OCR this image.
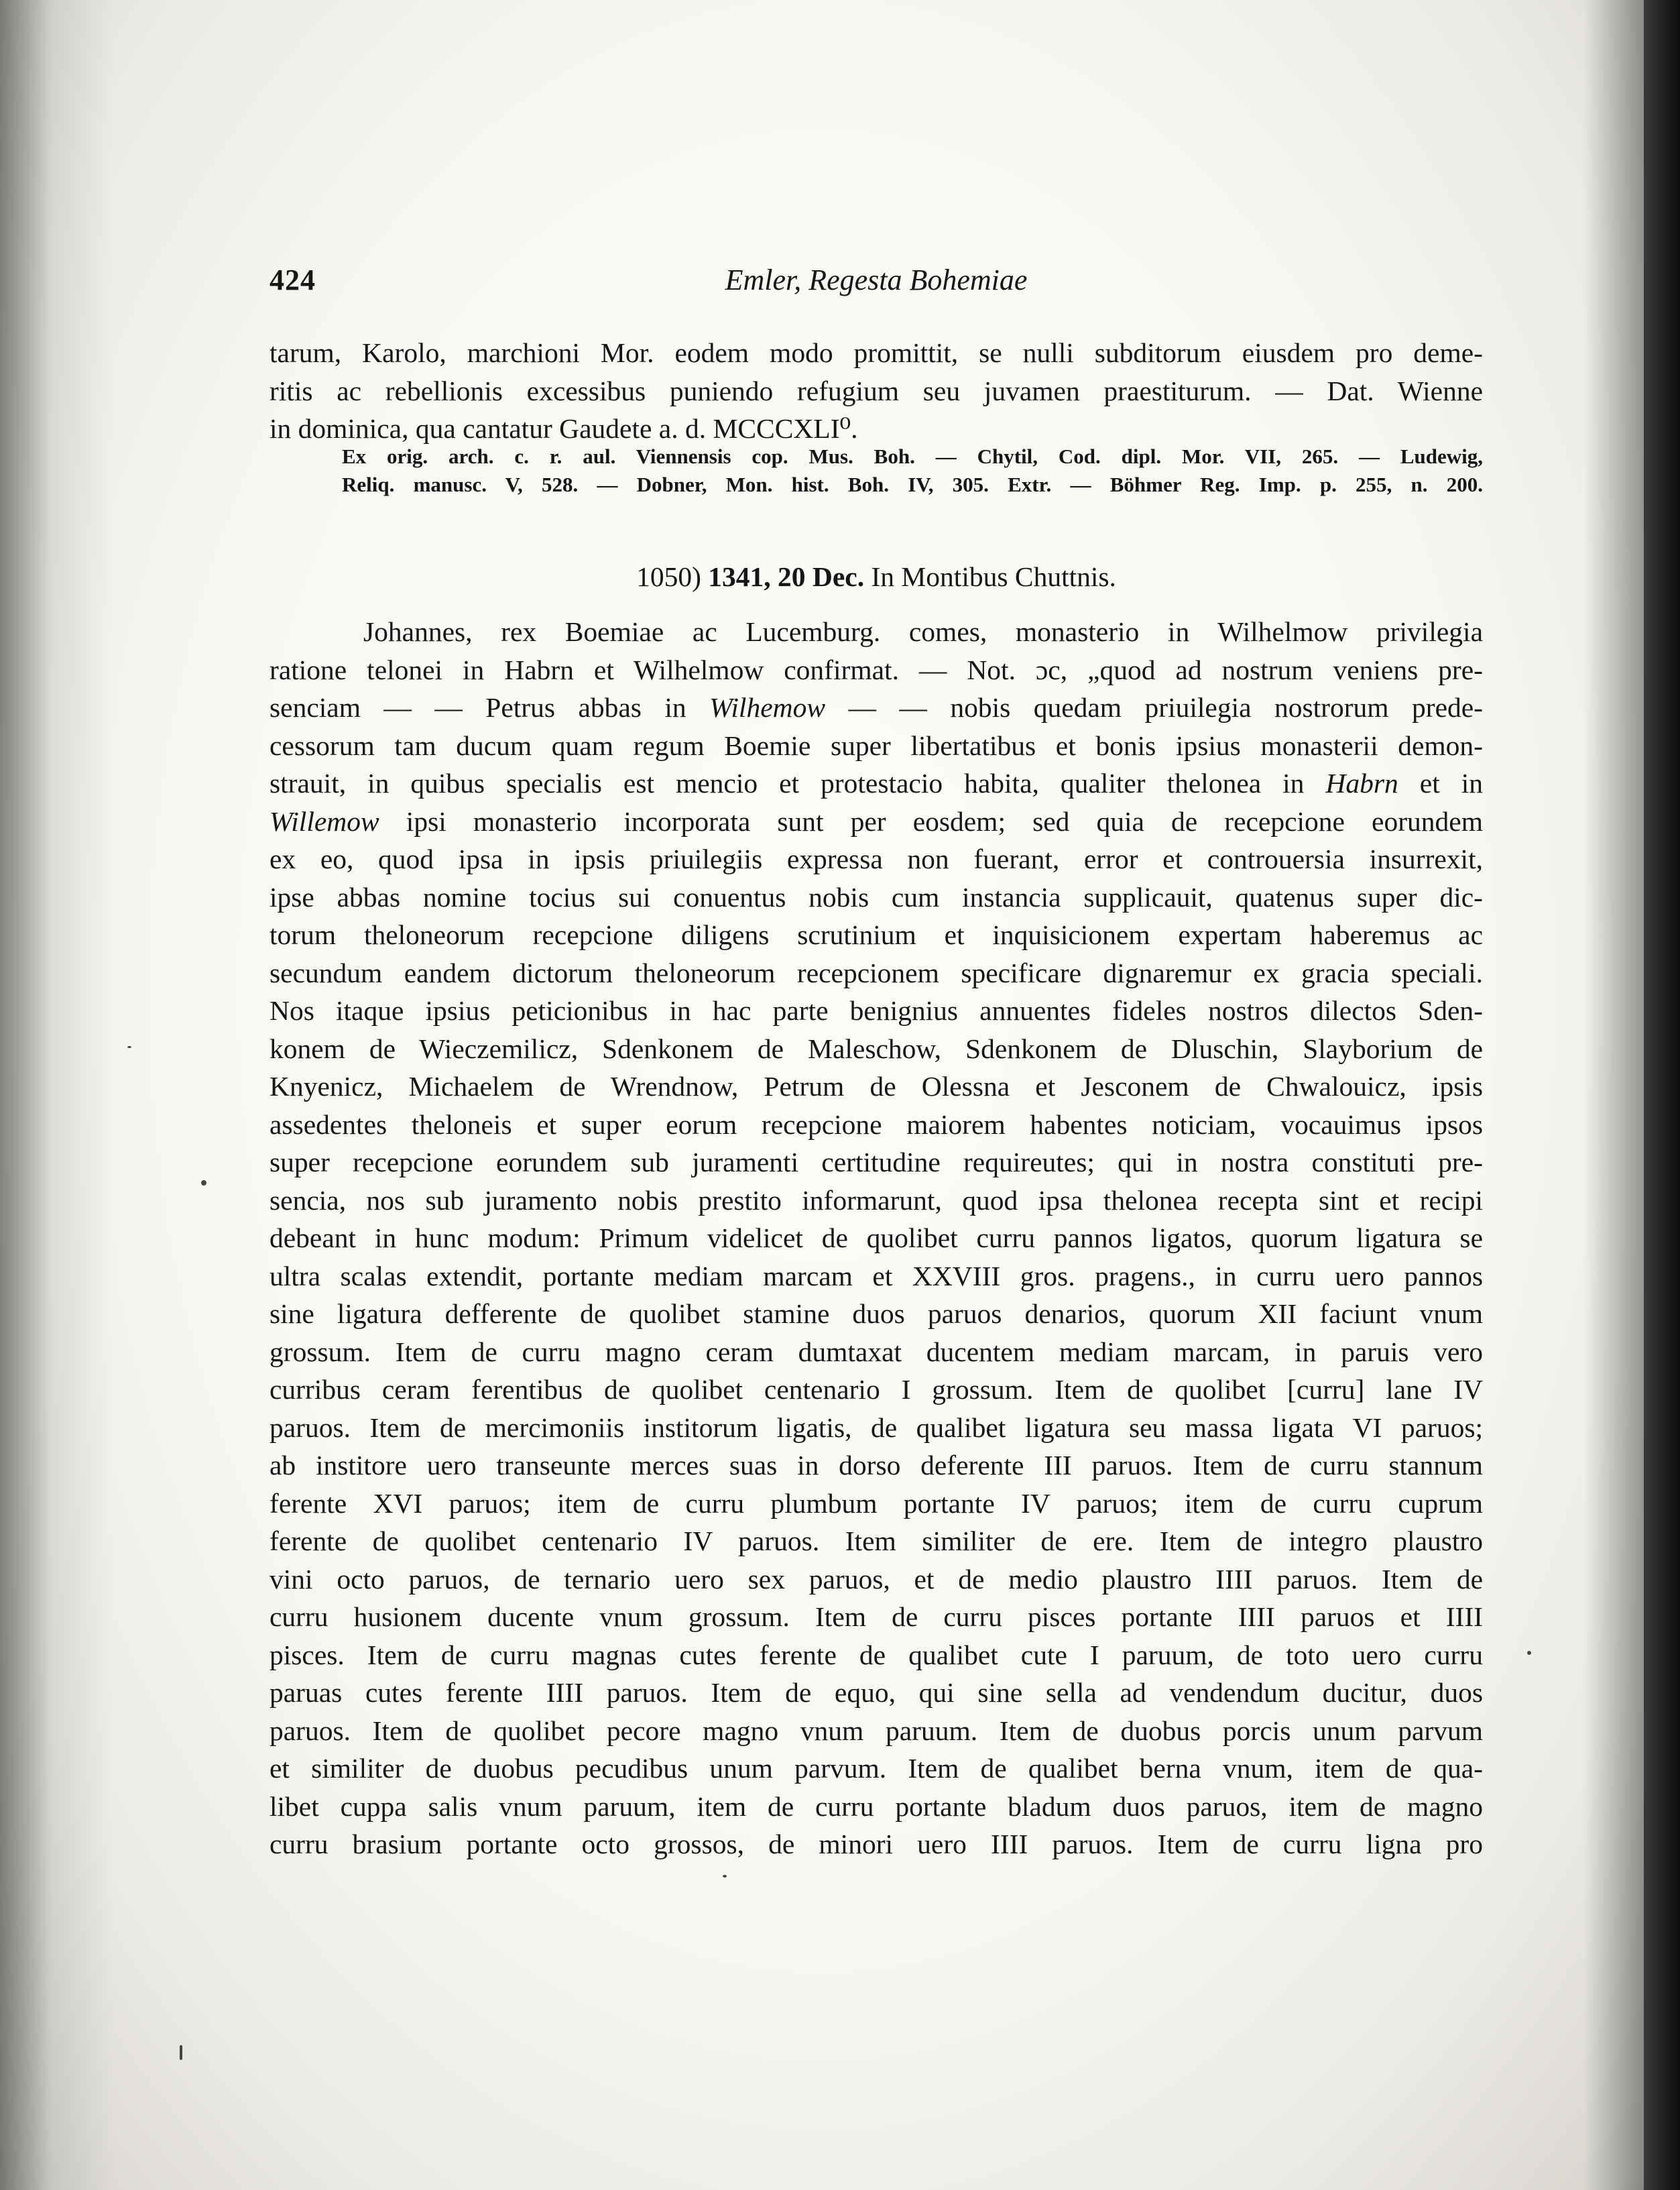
424	Emler, Regesta Bohemiae
tarum, Karolo, marchioni Mor. eodem modo promittit, se nulli subditorum eiusdem pro deme-
ritis ac rebellionis excessibus puniendo refugium seu juvamen praestiturum. — Dat. Wienne
in dominica, qua cantatur Gaudete a. d. MCCCXLI⁰.
Ex orig. arch. c. r. aul. Viennensis cop. Mus. Boh. — Chytil, Cod. dipl. Mor. VII, 265. — Ludewig,
Reliq. manusc. V, 528. — Dobner, Mon. hist. Boh. IV, 305. Extr. — Böhmer Reg. Imp. p. 255, n. 200.
1050) 1341, 20 Dec. In Montibus Chuttnis.
Johannes, rex Boemiae ac Lucemburg. comes, monasterio in Wilhelmow privilegia
ratione telonei in Habrn et Wilhelmow confirmat. — Not. ɔc, „quod ad nostrum veniens pre-
senciam — — Petrus abbas in Wilhemow — — nobis quedam priuilegia nostrorum prede-
cessorum tam ducum quam regum Boemie super libertatibus et bonis ipsius monasterii demon-
strauit, in quibus specialis est mencio et protestacio habita, qualiter thelonea in Habrn et in
Willemow ipsi monasterio incorporata sunt per eosdem; sed quia de recepcione eorundem
ex eo, quod ipsa in ipsis priuilegiis expressa non fuerant, error et controuersia insurrexit,
ipse abbas nomine tocius sui conuentus nobis cum instancia supplicauit, quatenus super dic-
torum theloneorum recepcione diligens scrutinium et inquisicionem expertam haberemus ac
secundum eandem dictorum theloneorum recepcionem specificare dignaremur ex gracia speciali.
Nos itaque ipsius peticionibus in hac parte benignius annuentes fideles nostros dilectos Sden-
konem de Wieczemilicz, Sdenkonem de Maleschow, Sdenkonem de Dluschin, Slayborium de
Knyenicz, Michaelem de Wrendnow, Petrum de Olessna et Jesconem de Chwalouicz, ipsis
assedentes theloneis et super eorum recepcione maiorem habentes noticiam, vocauimus ipsos
super recepcione eorundem sub juramenti certitudine requireutes; qui in nostra constituti pre-
sencia, nos sub juramento nobis prestito informarunt, quod ipsa thelonea recepta sint et recipi
debeant in hunc modum: Primum videlicet de quolibet curru pannos ligatos, quorum ligatura se
ultra scalas extendit, portante mediam marcam et XXVIII gros. pragens., in curru uero pannos
sine ligatura defferente de quolibet stamine duos paruos denarios, quorum XII faciunt vnum
grossum. Item de curru magno ceram dumtaxat ducentem mediam marcam, in paruis vero
curribus ceram ferentibus de quolibet centenario I grossum. Item de quolibet [curru] lane IV
paruos. Item de mercimoniis institorum ligatis, de qualibet ligatura seu massa ligata VI paruos;
ab institore uero transeunte merces suas in dorso deferente III paruos. Item de curru stannum
ferente XVI paruos; item de curru plumbum portante IV paruos; item de curru cuprum
ferente de quolibet centenario IV paruos. Item similiter de ere. Item de integro plaustro
vini octo paruos, de ternario uero sex paruos, et de medio plaustro IIII paruos. Item de
curru husionem ducente vnum grossum. Item de curru pisces portante IIII paruos et IIII
pisces. Item de curru magnas cutes ferente de qualibet cute I paruum, de toto uero curru
paruas cutes ferente IIII paruos. Item de equo, qui sine sella ad vendendum ducitur, duos
paruos. Item de quolibet pecore magno vnum paruum. Item de duobus porcis unum parvum
et similiter de duobus pecudibus unum parvum. Item de qualibet berna vnum, item de qua-
libet cuppa salis vnum paruum, item de curru portante bladum duos paruos, item de magno
curru brasium portante octo grossos, de minori uero IIII paruos. Item de curru ligna pro
